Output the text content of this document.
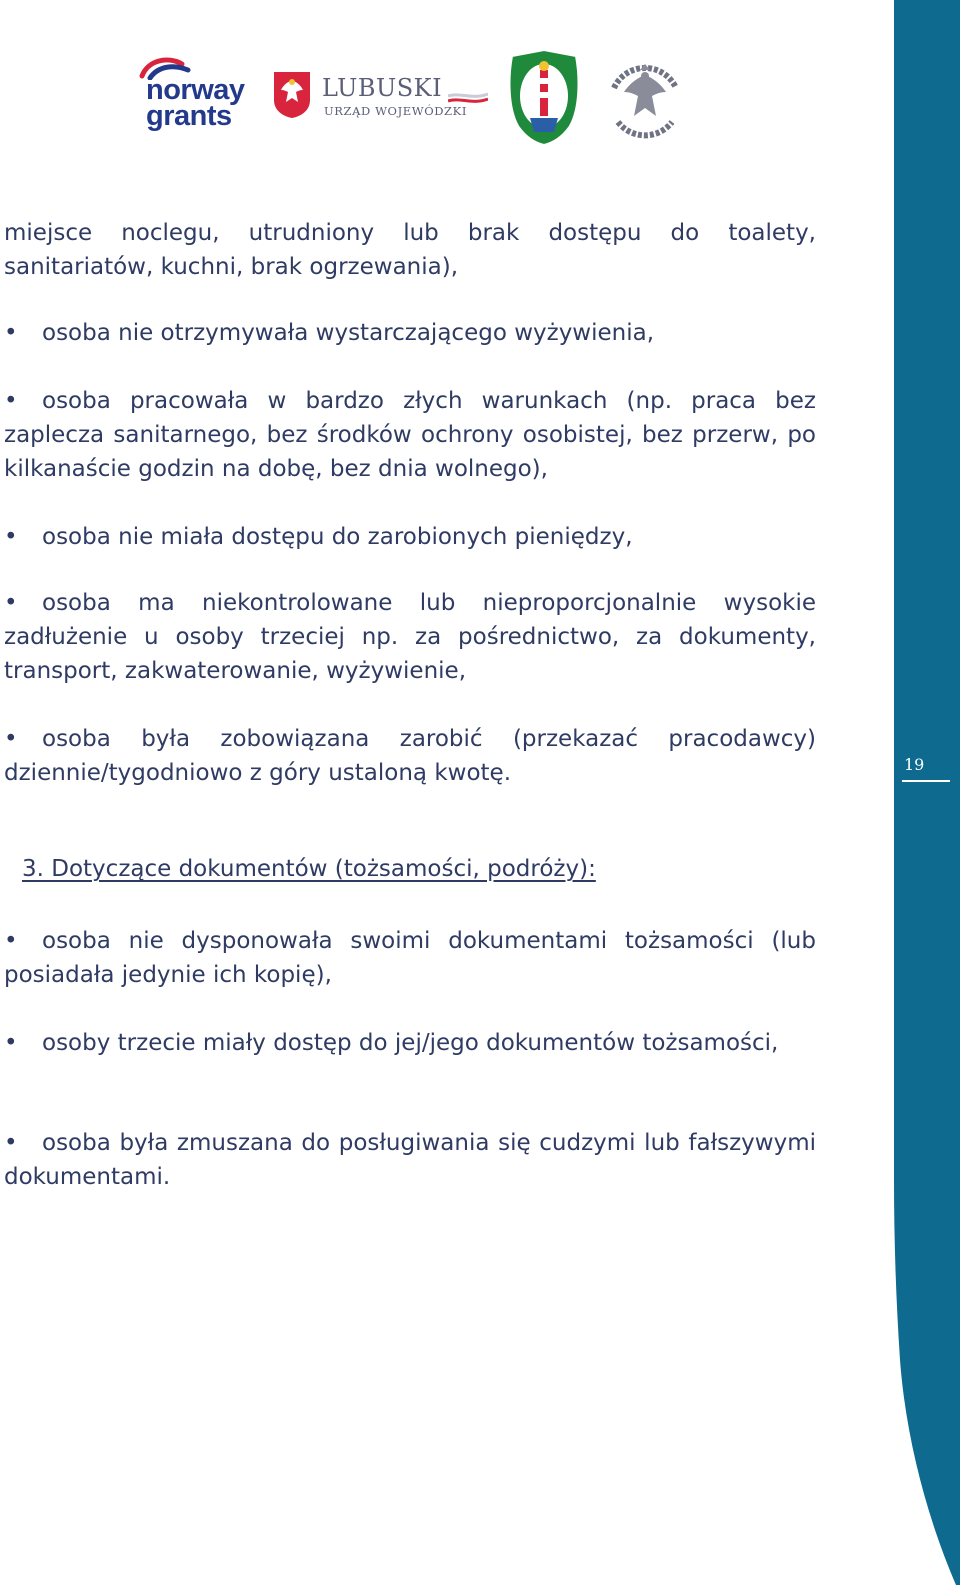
19
norway
grants
LUBUSKI
URZĄD WOJEWÓDZKI

miejsce noclegu, utrudniony lub brak dostępu do toalety, sanitariatów, kuchni, brak ogrzewania),

• osoba nie otrzymywała wystarczającego wyżywienia,

• osoba pracowała w bardzo złych warunkach (np. praca bez zaplecza sanitarnego, bez środków ochrony osobistej, bez przerw, po kilkanaście godzin na dobę, bez dnia wolnego),

• osoba nie miała dostępu do zarobionych pieniędzy,

• osoba ma niekontrolowane lub nieproporcjonalnie wysokie zadłużenie u osoby trzeciej np. za pośrednictwo, za dokumenty, transport, zakwaterowanie, wyżywienie,

• osoba była zobowiązana zarobić (przekazać pracodawcy) dziennie/tygodniowo z góry ustaloną kwotę.

3. Dotyczące dokumentów (tożsamości, podróży):

• osoba nie dysponowała swoimi dokumentami tożsamości (lub posiadała jedynie ich kopię),

• osoby trzecie miały dostęp do jej/jego dokumentów tożsamości,

• osoba była zmuszana do posługiwania się cudzymi lub fałszywymi dokumentami.
